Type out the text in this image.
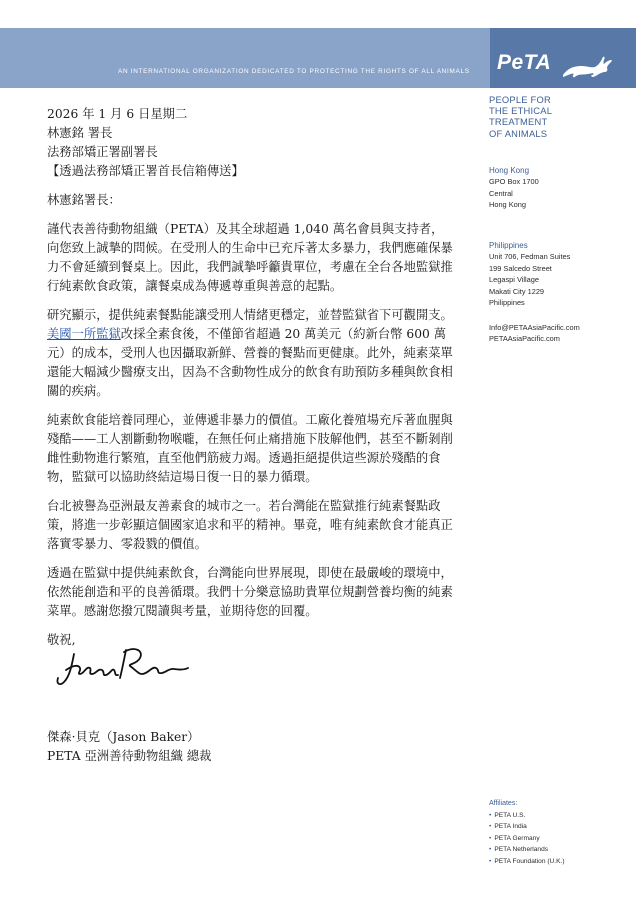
AN INTERNATIONAL ORGANIZATION DEDICATED TO PROTECTING THE RIGHTS OF ALL ANIMALS PeTA
PEOPLE FOR
THE ETHICAL
TREATMENT
OF ANIMALS
Hong Kong
GPO Box 1700
Central
Hong Kong
Philippines
Unit 706, Fedman Suites
199 Salcedo Street
Legaspi Village
Makati City 1229
Philippines
Info@PETAAsiaPacific.com
PETAAsiaPacific.com

2026 年 1 月 6 日星期二

林憲銘 署長

法務部矯正署副署長

【透過法務部矯正署首長信箱傳送】

林憲銘署長：

謹代表善待動物組織（PETA）及其全球超過 1,040 萬名會員與支持者，向您致上誠摯的問候。在受刑人的生命中已充斥著太多暴力，我們應確保暴力不會延續到餐桌上。因此，我們誠摯呼籲貴單位，考慮在全台各地監獄推行純素飲食政策，讓餐桌成為傳遞尊重與善意的起點。

研究顯示，提供純素餐點能讓受刑人情緒更穩定，並替監獄省下可觀開支。美國一所監獄改採全素食後，不僅節省超過 20 萬美元（約新台幣 600 萬元）的成本，受刑人也因攝取新鮮、營養的餐點而更健康。此外，純素菜單還能大幅減少醫療支出，因為不含動物性成分的飲食有助預防多種與飲食相關的疾病。

純素飲食能培養同理心，並傳遞非暴力的價值。工廠化養殖場充斥著血腥與殘酷——工人割斷動物喉嚨，在無任何止痛措施下肢解他們，甚至不斷剝削雌性動物進行繁殖，直至他們筋疲力竭。透過拒絕提供這些源於殘酷的食物，監獄可以協助終結這場日復一日的暴力循環。

台北被譽為亞洲最友善素食的城市之一。若台灣能在監獄推行純素餐點政策，將進一步彰顯這個國家追求和平的精神。畢竟，唯有純素飲食才能真正落實零暴力、零殺戮的價值。

透過在監獄中提供純素飲食，台灣能向世界展現，即使在最嚴峻的環境中，依然能創造和平的良善循環。我們十分樂意協助貴單位規劃營養均衡的純素菜單。感謝您撥冗閱讀與考量，並期待您的回覆。

敬祝,

傑森·貝克（Jason Baker）

PETA 亞洲善待動物組織 總裁

Affiliates:
• PETA U.S.
• PETA India
• PETA Germany
• PETA Netherlands
• PETA Foundation (U.K.)
